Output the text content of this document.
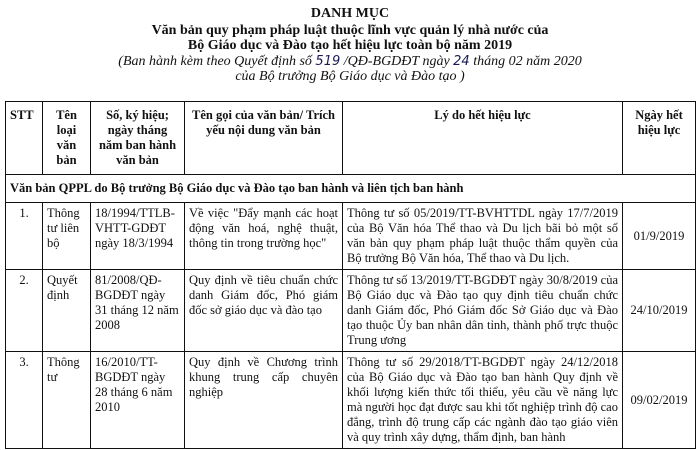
DANH MỤC
Văn bản quy phạm pháp luật thuộc lĩnh vực quản lý nhà nước của
Bộ Giáo dục và Đào tạo hết hiệu lực toàn bộ năm 2019
(Ban hành kèm theo Quyết định số 519 /QĐ-BGDĐT ngày 24 tháng 02 năm 2020
của Bộ trưởng Bộ Giáo dục và Đào tạo )
STT	Tên loại văn bản	Số, ký hiệu; ngày tháng năm ban hành văn bản	Tên gọi của văn bản/ Trích yếu nội dung văn bản	Lý do hết hiệu lực	Ngày hết hiệu lực
Văn bản QPPL do Bộ trưởng Bộ Giáo dục và Đào tạo ban hành và liên tịch ban hành					
1.	Thông tư liên bộ	18/1994/TTLB-VHTT-GDĐT ngày 18/3/1994	Về việc "Đẩy mạnh các hoạt động văn hoá, nghệ thuật, thông tin trong trường học"	Thông tư số 05/2019/TT-BVHTTDL ngày 17/7/2019 của Bộ Văn hóa Thể thao và Du lịch bãi bỏ một số văn bản quy phạm pháp luật thuộc thẩm quyền của Bộ trưởng Bộ Văn hóa, Thể thao và Du lịch.	01/9/2019
2.	Quyết định	81/2008/QĐ-BGDĐT ngày 31 tháng 12 năm 2008	Quy định về tiêu chuẩn chức danh Giám đốc, Phó giám đốc sở giáo dục và đào tạo	Thông tư số 13/2019/TT-BGDĐT ngày 30/8/2019 của Bộ Giáo dục và Đào tạo quy định tiêu chuẩn chức danh Giám đốc, Phó Giám đốc Sở Giáo dục và Đào tạo thuộc Ủy ban nhân dân tỉnh, thành phố trực thuộc Trung ương	24/10/2019
3.	Thông tư	16/2010/TT-BGDĐT ngày 28 tháng 6 năm 2010	Quy định về Chương trình khung trung cấp chuyên nghiệp	Thông tư số 29/2018/TT-BGDĐT ngày 24/12/2018 của Bộ Giáo dục và Đào tạo ban hành Quy định về khối lượng kiến thức tối thiểu, yêu cầu về năng lực mà người học đạt được sau khi tốt nghiệp trình độ cao đẳng, trình độ trung cấp các ngành đào tạo giáo viên và quy trình xây dựng, thẩm định, ban hành	09/02/2019
